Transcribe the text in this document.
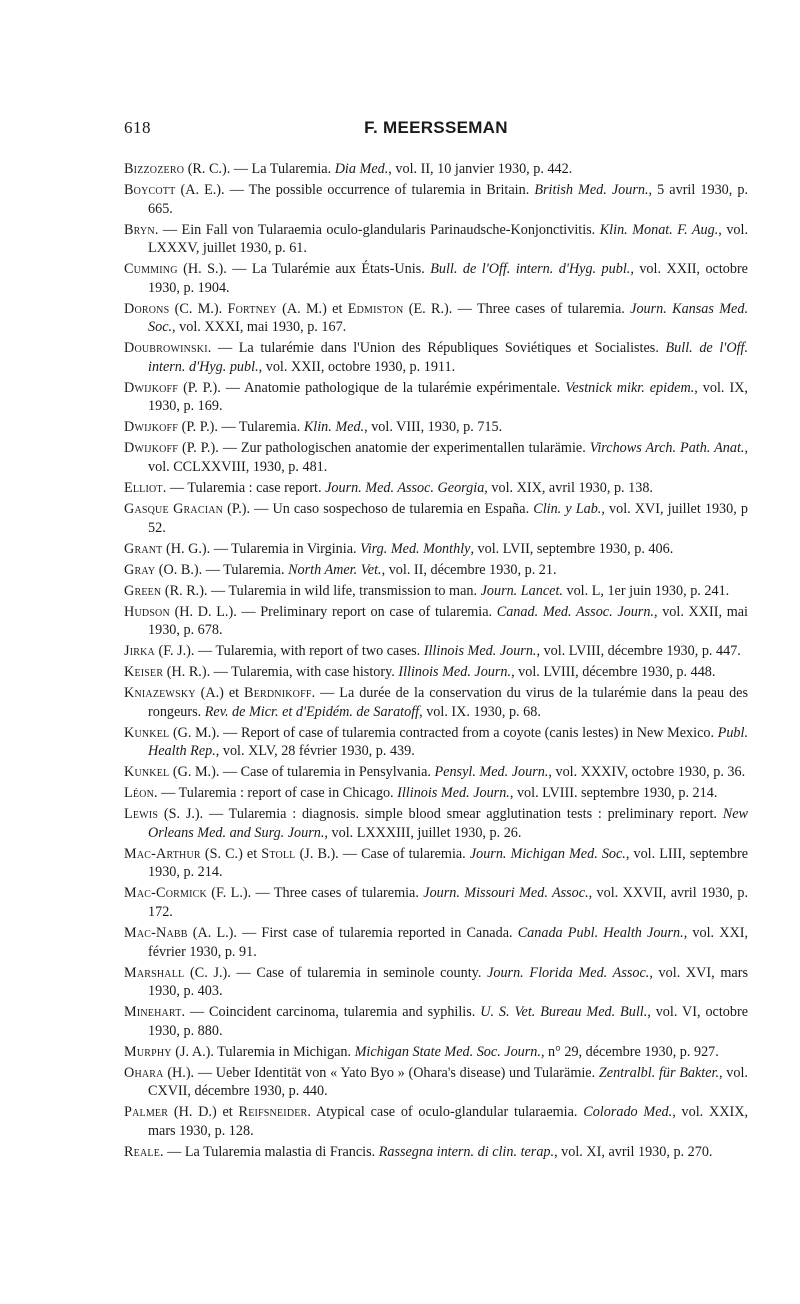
618	F. MEERSSEMAN

Bizzozero (R. C.). — La Tularemia. Dia Med., vol. II, 10 janvier 1930, p. 442.

Boycott (A. E.). — The possible occurrence of tularemia in Britain. British Med. Journ., 5 avril 1930, p. 665.

Bryn. — Ein Fall von Tularaemia oculo-glandularis Parinaudsche-Konjonctivitis. Klin. Monat. F. Aug., vol. LXXXV, juillet 1930, p. 61.

Cumming (H. S.). — La Tularémie aux États-Unis. Bull. de l'Off. intern. d'Hyg. publ., vol. XXII, octobre 1930, p. 1904.

Dorons (C. M.). Fortney (A. M.) et Edmiston (E. R.). — Three cases of tularemia. Journ. Kansas Med. Soc., vol. XXXI, mai 1930, p. 167.

Doubrowinski. — La tularémie dans l'Union des Républiques Soviétiques et Socialistes. Bull. de l'Off. intern. d'Hyg. publ., vol. XXII, octobre 1930, p. 1911.

Dwijkoff (P. P.). — Anatomie pathologique de la tularémie expérimentale. Vestnick mikr. epidem., vol. IX, 1930, p. 169.

Dwijkoff (P. P.). — Tularemia. Klin. Med., vol. VIII, 1930, p. 715.

Dwijkoff (P. P.). — Zur pathologischen anatomie der experimentallen tularämie. Virchows Arch. Path. Anat., vol. CCLXXVIII, 1930, p. 481.

Elliot. — Tularemia : case report. Journ. Med. Assoc. Georgia, vol. XIX, avril 1930, p. 138.

Gasque Gracian (P.). — Un caso sospechoso de tularemia en España. Clin. y Lab., vol. XVI, juillet 1930, p 52.

Grant (H. G.). — Tularemia in Virginia. Virg. Med. Monthly, vol. LVII, septembre 1930, p. 406.

Gray (O. B.). — Tularemia. North Amer. Vet., vol. II, décembre 1930, p. 21.

Green (R. R.). — Tularemia in wild life, transmission to man. Journ. Lancet. vol. L, 1er juin 1930, p. 241.

Hudson (H. D. L.). — Preliminary report on case of tularemia. Canad. Med. Assoc. Journ., vol. XXII, mai 1930, p. 678.

Jirka (F. J.). — Tularemia, with report of two cases. Illinois Med. Journ., vol. LVIII, décembre 1930, p. 447.

Keiser (H. R.). — Tularemia, with case history. Illinois Med. Journ., vol. LVIII, décembre 1930, p. 448.

Kniazewsky (A.) et Berdnikoff. — La durée de la conservation du virus de la tularémie dans la peau des rongeurs. Rev. de Micr. et d'Epidém. de Saratoff, vol. IX. 1930, p. 68.

Kunkel (G. M.). — Report of case of tularemia contracted from a coyote (canis lestes) in New Mexico. Publ. Health Rep., vol. XLV, 28 février 1930, p. 439.

Kunkel (G. M.). — Case of tularemia in Pensylvania. Pensyl. Med. Journ., vol. XXXIV, octobre 1930, p. 36.

Léon. — Tularemia : report of case in Chicago. Illinois Med. Journ., vol. LVIII. septembre 1930, p. 214.

Lewis (S. J.). — Tularemia : diagnosis. simple blood smear agglutination tests : preliminary report. New Orleans Med. and Surg. Journ., vol. LXXXIII, juillet 1930, p. 26.

Mac-Arthur (S. C.) et Stoll (J. B.). — Case of tularemia. Journ. Michigan Med. Soc., vol. LIII, septembre 1930, p. 214.

Mac-Cormick (F. L.). — Three cases of tularemia. Journ. Missouri Med. Assoc., vol. XXVII, avril 1930, p. 172.

Mac-Nabb (A. L.). — First case of tularemia reported in Canada. Canada Publ. Health Journ., vol. XXI, février 1930, p. 91.

Marshall (C. J.). — Case of tularemia in seminole county. Journ. Florida Med. Assoc., vol. XVI, mars 1930, p. 403.

Minehart. — Coincident carcinoma, tularemia and syphilis. U. S. Vet. Bureau Med. Bull., vol. VI, octobre 1930, p. 880.

Murphy (J. A.). Tularemia in Michigan. Michigan State Med. Soc. Journ., n° 29, décembre 1930, p. 927.

Ohara (H.). — Ueber Identität von « Yato Byo » (Ohara's disease) und Tularämie. Zentralbl. für Bakter., vol. CXVII, décembre 1930, p. 440.

Palmer (H. D.) et Reifsneider. Atypical case of oculo-glandular tularaemia. Colorado Med., vol. XXIX, mars 1930, p. 128.

Reale. — La Tularemia malastia di Francis. Rassegna intern. di clin. terap., vol. XI, avril 1930, p. 270.
